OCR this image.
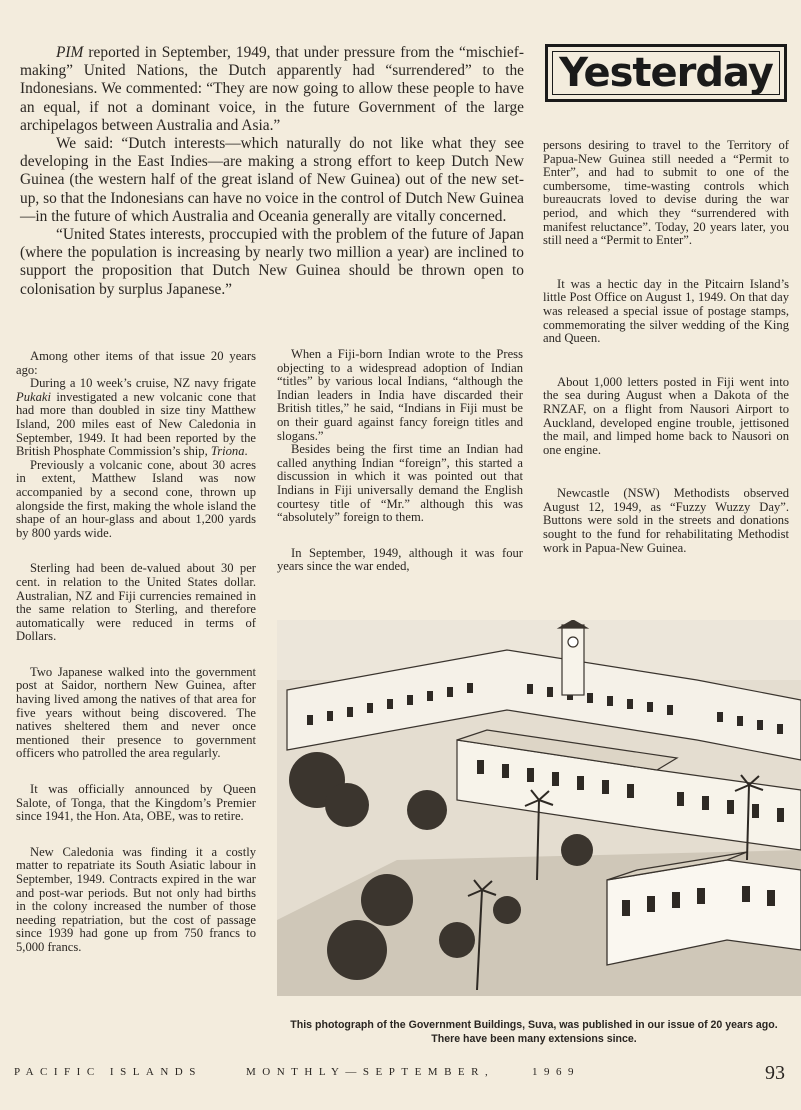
Yesterday

PIM reported in September, 1949, that under pressure from the “mischief-making” United Nations, the Dutch apparently had “surrendered” to the Indonesians. We commented: “They are now going to allow these people to have an equal, if not a dominant voice, in the future Government of the large archipelagos between Australia and Asia.”

We said: “Dutch interests—which naturally do not like what they see developing in the East Indies—are making a strong effort to keep Dutch New Guinea (the western half of the great island of New Guinea) out of the new set-up, so that the Indonesians can have no voice in the control of Dutch New Guinea—in the future of which Australia and Oceania generally are vitally concerned.

“United States interests, proccupied with the problem of the future of Japan (where the population is increasing by nearly two million a year) are inclined to support the proposition that Dutch New Guinea should be thrown open to colonisation by surplus Japanese.”

Among other items of that issue 20 years ago:

During a 10 week’s cruise, NZ navy frigate Pukaki investigated a new volcanic cone that had more than doubled in size tiny Matthew Island, 200 miles east of New Caledonia in September, 1949. It had been reported by the British Phosphate Commission’s ship, Triona.

Previously a volcanic cone, about 30 acres in extent, Matthew Island was now accompanied by a second cone, thrown up alongside the first, making the whole island the shape of an hour-glass and about 1,200 yards by 800 yards wide.

Sterling had been de-valued about 30 per cent. in relation to the United States dollar. Australian, NZ and Fiji currencies remained in the same relation to Sterling, and therefore automatically were reduced in terms of Dollars.

Two Japanese walked into the government post at Saidor, northern New Guinea, after having lived among the natives of that area for five years without being discovered. The natives sheltered them and never once mentioned their presence to government officers who patrolled the area regularly.

It was officially announced by Queen Salote, of Tonga, that the Kingdom’s Premier since 1941, the Hon. Ata, OBE, was to retire.

New Caledonia was finding it a costly matter to repatriate its South Asiatic labour in September, 1949. Contracts expired in the war and post-war periods. But not only had births in the colony increased the number of those needing repatriation, but the cost of passage since 1939 had gone up from 750 francs to 5,000 francs.

When a Fiji-born Indian wrote to the Press objecting to a widespread adoption of Indian “titles” by various local Indians, “although the Indian leaders in India have discarded their British titles,” he said, “Indians in Fiji must be on their guard against fancy foreign titles and slogans.”

Besides being the first time an Indian had called anything Indian “foreign”, this started a discussion in which it was pointed out that Indians in Fiji universally demand the English courtesy title of “Mr.” although this was “absolutely” foreign to them.

In September, 1949, although it was four years since the war ended,

persons desiring to travel to the Territory of Papua-New Guinea still needed a “Permit to Enter”, and had to submit to one of the cumbersome, time-wasting controls which bureaucrats loved to devise during the war period, and which they “surrendered with manifest reluctance”. Today, 20 years later, you still need a “Permit to Enter”.

It was a hectic day in the Pitcairn Island’s little Post Office on August 1, 1949. On that day was released a special issue of postage stamps, commemorating the silver wedding of the King and Queen.

About 1,000 letters posted in Fiji went into the sea during August when a Dakota of the RNZAF, on a flight from Nausori Airport to Auckland, developed engine trouble, jettisoned the mail, and limped home back to Nausori on one engine.

Newcastle (NSW) Methodists observed August 12, 1949, as “Fuzzy Wuzzy Day”. Buttons were sold in the streets and donations sought to the fund for rehabilitating Methodist work in Papua-New Guinea.

This photograph of the Government Buildings, Suva, was published in our issue of 20 years ago. There have been many extensions since.
PACIFIC ISLANDS	MONTHLY—SEPTEMBER,	1969	93
